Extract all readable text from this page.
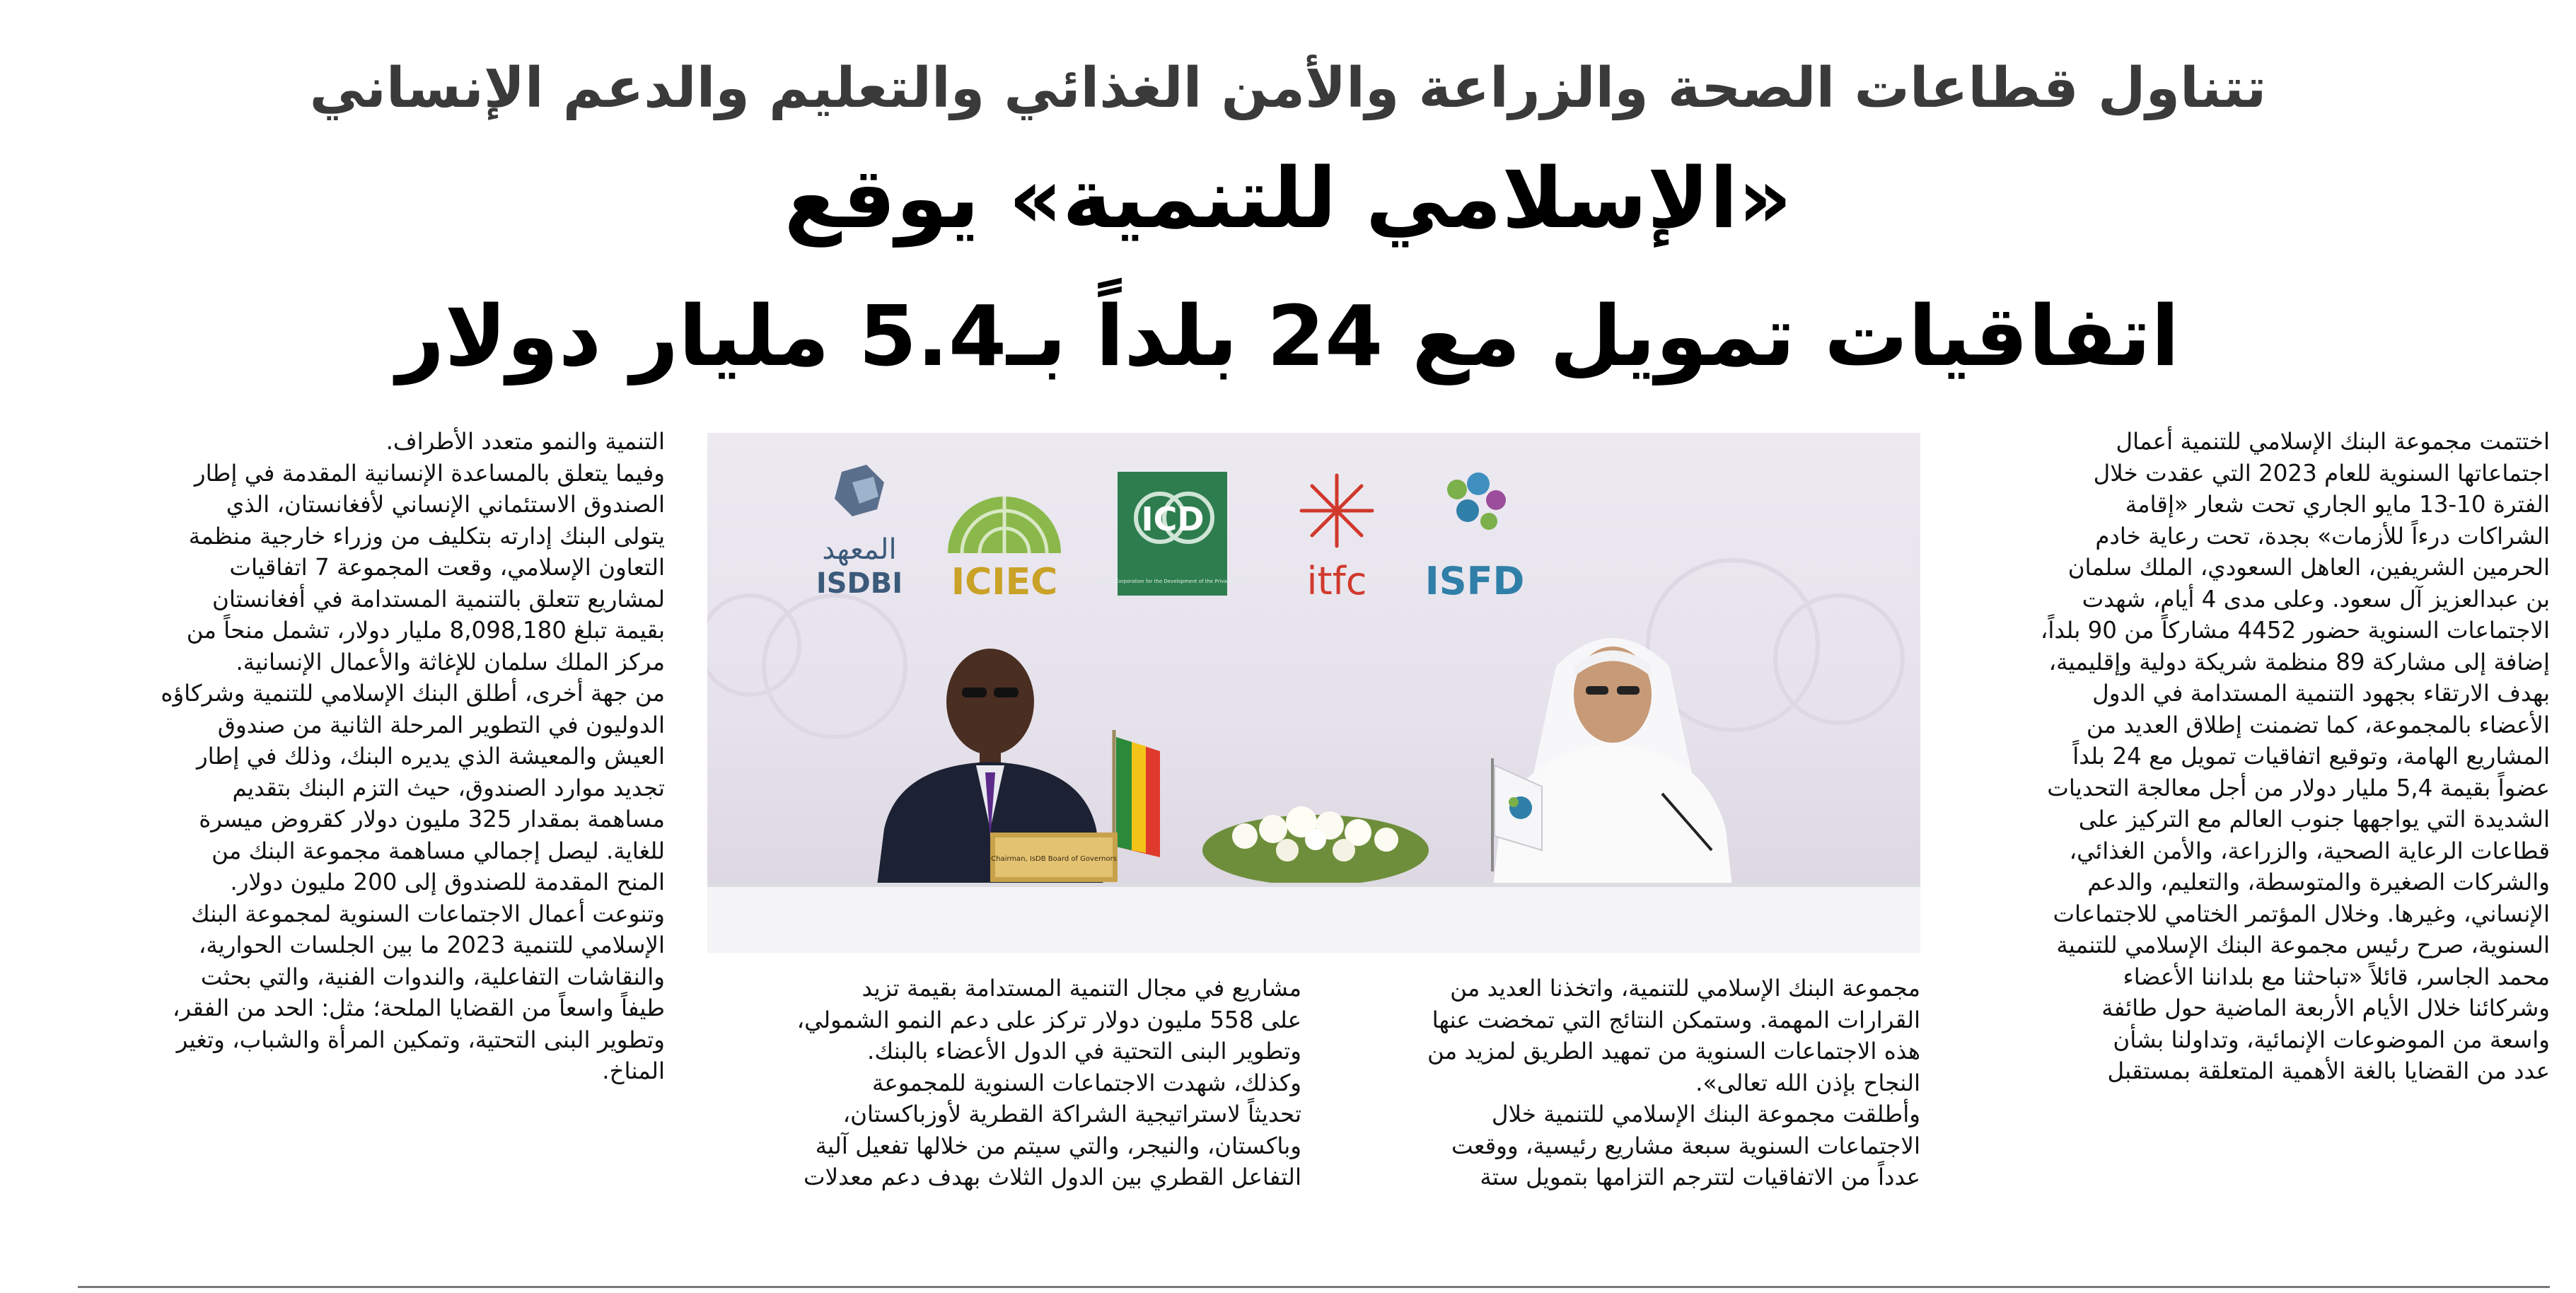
تتناول قطاعات الصحة والزراعة والأمن الغذائي والتعليم والدعم الإنساني
«الإسلامي للتنمية» يوقع
اتفاقيات تمويل مع 24 بلداً بـ5.4 مليار دولار

اختتمت مجموعة البنك الإسلامي للتنمية أعمال

اجتماعاتها السنوية للعام 2023 التي عقدت خلال

الفترة 10-13 مايو الجاري تحت شعار «إقامة

الشراكات درءاً للأزمات» بجدة، تحت رعاية خادم

الحرمين الشريفين، العاهل السعودي، الملك سلمان

بن عبدالعزيز آل سعود. وعلى مدى 4 أيام، شهدت

الاجتماعات السنوية حضور 4452 مشاركاً من 90 بلداً،

إضافة إلى مشاركة 89 منظمة شريكة دولية وإقليمية،

بهدف الارتقاء بجهود التنمية المستدامة في الدول

الأعضاء بالمجموعة، كما تضمنت إطلاق العديد من

المشاريع الهامة، وتوقيع اتفاقيات تمويل مع 24 بلداً

عضواً بقيمة 5,4 مليار دولار من أجل معالجة التحديات

الشديدة التي يواجهها جنوب العالم مع التركيز على

قطاعات الرعاية الصحية، والزراعة، والأمن الغذائي،

والشركات الصغيرة والمتوسطة، والتعليم، والدعم

الإنساني، وغيرها. وخلال المؤتمر الختامي للاجتماعات

السنوية، صرح رئيس مجموعة البنك الإسلامي للتنمية

محمد الجاسر، قائلاً «تباحثنا مع بلداننا الأعضاء

وشركائنا خلال الأيام الأربعة الماضية حول طائفة

واسعة من الموضوعات الإنمائية، وتداولنا بشأن

عدد من القضايا بالغة الأهمية المتعلقة بمستقبل

المعهد
ISDBI ICIEC
ICD
Islamic Corporation for the Development of the Private Sector itfc ISFD
Chairman, IsDB Board of Governors

مجموعة البنك الإسلامي للتنمية، واتخذنا العديد من

القرارات المهمة. وستمكن النتائج التي تمخضت عنها

هذه الاجتماعات السنوية من تمهيد الطريق لمزيد من

النجاح بإذن الله تعالى».

وأطلقت مجموعة البنك الإسلامي للتنمية خلال

الاجتماعات السنوية سبعة مشاريع رئيسية، ووقعت

عدداً من الاتفاقيات لتترجم التزامها بتمويل ستة

مشاريع في مجال التنمية المستدامة بقيمة تزيد

على 558 مليون دولار تركز على دعم النمو الشمولي،

وتطوير البنى التحتية في الدول الأعضاء بالبنك.

وكذلك، شهدت الاجتماعات السنوية للمجموعة

تحديثاً لاستراتيجية الشراكة القطرية لأوزباكستان،

وباكستان، والنيجر، والتي سيتم من خلالها تفعيل آلية

التفاعل القطري بين الدول الثلاث بهدف دعم معدلات

التنمية والنمو متعدد الأطراف.

وفيما يتعلق بالمساعدة الإنسانية المقدمة في إطار

الصندوق الاستئماني الإنساني لأفغانستان، الذي

يتولى البنك إدارته بتكليف من وزراء خارجية منظمة

التعاون الإسلامي، وقعت المجموعة 7 اتفاقيات

لمشاريع تتعلق بالتنمية المستدامة في أفغانستان

بقيمة تبلغ 8,098,180 مليار دولار، تشمل منحاً من

مركز الملك سلمان للإغاثة والأعمال الإنسانية.

من جهة أخرى، أطلق البنك الإسلامي للتنمية وشركاؤه

الدوليون في التطوير المرحلة الثانية من صندوق

العيش والمعيشة الذي يديره البنك، وذلك في إطار

تجديد موارد الصندوق، حيث التزم البنك بتقديم

مساهمة بمقدار 325 مليون دولار كقروض ميسرة

للغاية. ليصل إجمالي مساهمة مجموعة البنك من

المنح المقدمة للصندوق إلى 200 مليون دولار.

وتنوعت أعمال الاجتماعات السنوية لمجموعة البنك

الإسلامي للتنمية 2023 ما بين الجلسات الحوارية،

والنقاشات التفاعلية، والندوات الفنية، والتي بحثت

طيفاً واسعاً من القضايا الملحة؛ مثل: الحد من الفقر،

وتطوير البنى التحتية، وتمكين المرأة والشباب، وتغير

المناخ.
